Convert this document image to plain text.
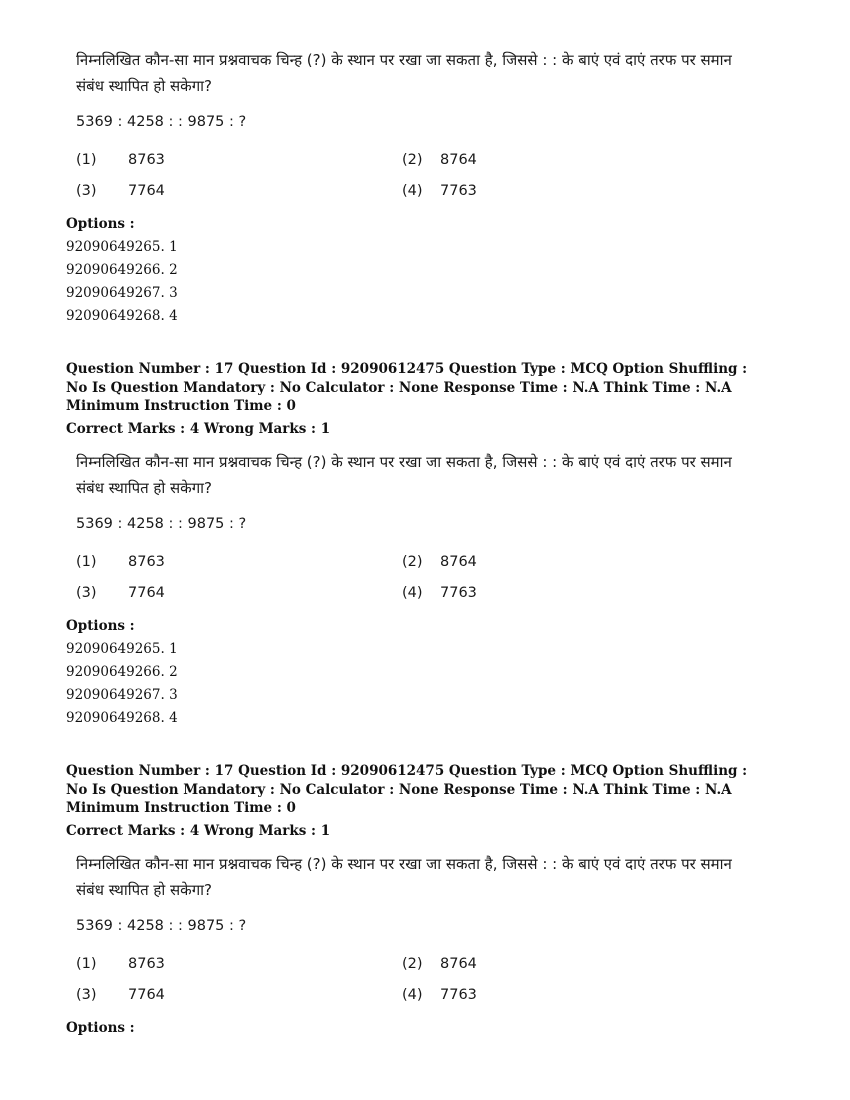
निम्नलिखित कौन-सा मान प्रश्नवाचक चिन्ह (?) के स्थान पर रखा जा सकता है, जिससे : : के बाएं एवं दाएं तरफ पर समान संबंध स्थापित हो सकेगा?
5369 : 4258 : : 9875 : ?
(1) 8763	(2) 8764
(3) 7764	(4) 7763
Options :
92090649265. 1
92090649266. 2
92090649267. 3
92090649268. 4
Question Number : 17 Question Id : 92090612475 Question Type : MCQ Option Shuffling : No Is Question Mandatory : No Calculator : None Response Time : N.A Think Time : N.A Minimum Instruction Time : 0
Correct Marks : 4 Wrong Marks : 1
निम्नलिखित कौन-सा मान प्रश्नवाचक चिन्ह (?) के स्थान पर रखा जा सकता है, जिससे : : के बाएं एवं दाएं तरफ पर समान संबंध स्थापित हो सकेगा?
5369 : 4258 : : 9875 : ?
(1) 8763	(2) 8764
(3) 7764	(4) 7763
Options :
92090649265. 1
92090649266. 2
92090649267. 3
92090649268. 4
Question Number : 17 Question Id : 92090612475 Question Type : MCQ Option Shuffling : No Is Question Mandatory : No Calculator : None Response Time : N.A Think Time : N.A Minimum Instruction Time : 0
Correct Marks : 4 Wrong Marks : 1
निम्नलिखित कौन-सा मान प्रश्नवाचक चिन्ह (?) के स्थान पर रखा जा सकता है, जिससे : : के बाएं एवं दाएं तरफ पर समान संबंध स्थापित हो सकेगा?
5369 : 4258 : : 9875 : ?
(1) 8763	(2) 8764
(3) 7764	(4) 7763
Options :
